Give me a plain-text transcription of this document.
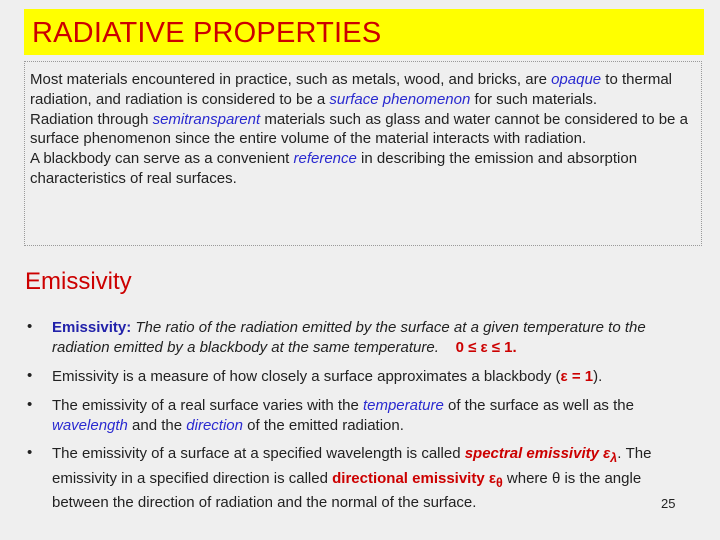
RADIATIVE PROPERTIES

Most materials encountered in practice, such as metals, wood, and bricks, are opaque to thermal radiation, and radiation is considered to be a surface phenomenon for such materials.

Radiation through semitransparent materials such as glass and water cannot be considered to be a surface phenomenon since the entire volume of the material interacts with radiation.

A blackbody can serve as a convenient reference in describing the emission and absorption characteristics of real surfaces.

Emissivity
• Emissivity: The ratio of the radiation emitted by the surface at a given temperature to the radiation emitted by a blackbody at the same temperature. 0 ≤ ε ≤ 1.
• Emissivity is a measure of how closely a surface approximates a blackbody (ε = 1).
• The emissivity of a real surface varies with the temperature of the surface as well as the wavelength and the direction of the emitted radiation.
• The emissivity of a surface at a specified wavelength is called spectral emissivity $\varepsilon_\lambda$. The emissivity in a specified direction is called directional emissivity $\varepsilon_\theta$ where θ is the angle between the direction of radiation and the normal of the surface.	25
